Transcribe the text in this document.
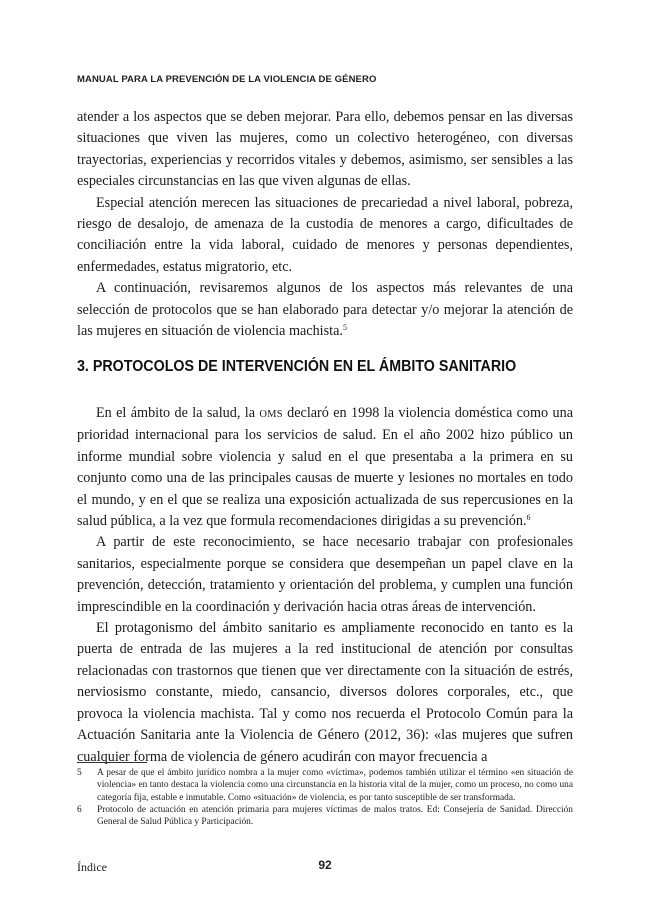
MANUAL PARA LA PREVENCIÓN DE LA VIOLENCIA DE GÉNERO

atender a los aspectos que se deben mejorar. Para ello, debemos pensar en las diversas situaciones que viven las mujeres, como un colectivo heterogéneo, con diversas trayectorias, experiencias y recorridos vitales y debemos, asimismo, ser sensibles a las especiales circunstancias en las que viven algunas de ellas.

Especial atención merecen las situaciones de precariedad a nivel laboral, pobreza, riesgo de desalojo, de amenaza de la custodia de menores a cargo, dificultades de conciliación entre la vida laboral, cuidado de menores y personas dependientes, enfermedades, estatus migratorio, etc.

A continuación, revisaremos algunos de los aspectos más relevantes de una selección de protocolos que se han elaborado para detectar y/o mejorar la atención de las mujeres en situación de violencia machista.$^5$

3. PROTOCOLOS DE INTERVENCIÓN EN EL ÁMBITO SANITARIO

En el ámbito de la salud, la OMS declaró en 1998 la violencia doméstica como una prioridad internacional para los servicios de salud. En el año 2002 hizo público un informe mundial sobre violencia y salud en el que presentaba a la primera en su conjunto como una de las principales causas de muerte y lesiones no mortales en todo el mundo, y en el que se realiza una exposición actualizada de sus repercusiones en la salud pública, a la vez que formula recomendaciones dirigidas a su prevención.$^6$

A partir de este reconocimiento, se hace necesario trabajar con profesionales sanitarios, especialmente porque se considera que desempeñan un papel clave en la prevención, detección, tratamiento y orientación del problema, y cumplen una función imprescindible en la coordinación y derivación hacia otras áreas de intervención.

El protagonismo del ámbito sanitario es ampliamente reconocido en tanto es la puerta de entrada de las mujeres a la red institucional de atención por consultas relacionadas con trastornos que tienen que ver directamente con la situación de estrés, nerviosismo constante, miedo, cansancio, diversos dolores corporales, etc., que provoca la violencia machista. Tal y como nos recuerda el Protocolo Común para la Actuación Sanitaria ante la Violencia de Género (2012, 36): «las mujeres que sufren cualquier forma de violencia de género acudirán con mayor frecuencia a

5	A pesar de que el ámbito jurídico nombra a la mujer como «víctima», podemos también utilizar el término «en situación de violencia» en tanto destaca la violencia como una circunstancia en la historia vital de la mujer, como un proceso, no como una categoría fija, estable e inmutable. Como «situación» de violencia, es por tanto susceptible de ser transformada.
6	Protocolo de actuación en atención primaria para mujeres víctimas de malos tratos. Ed: Consejería de Sanidad. Dirección General de Salud Pública y Participación.
Índice	92
